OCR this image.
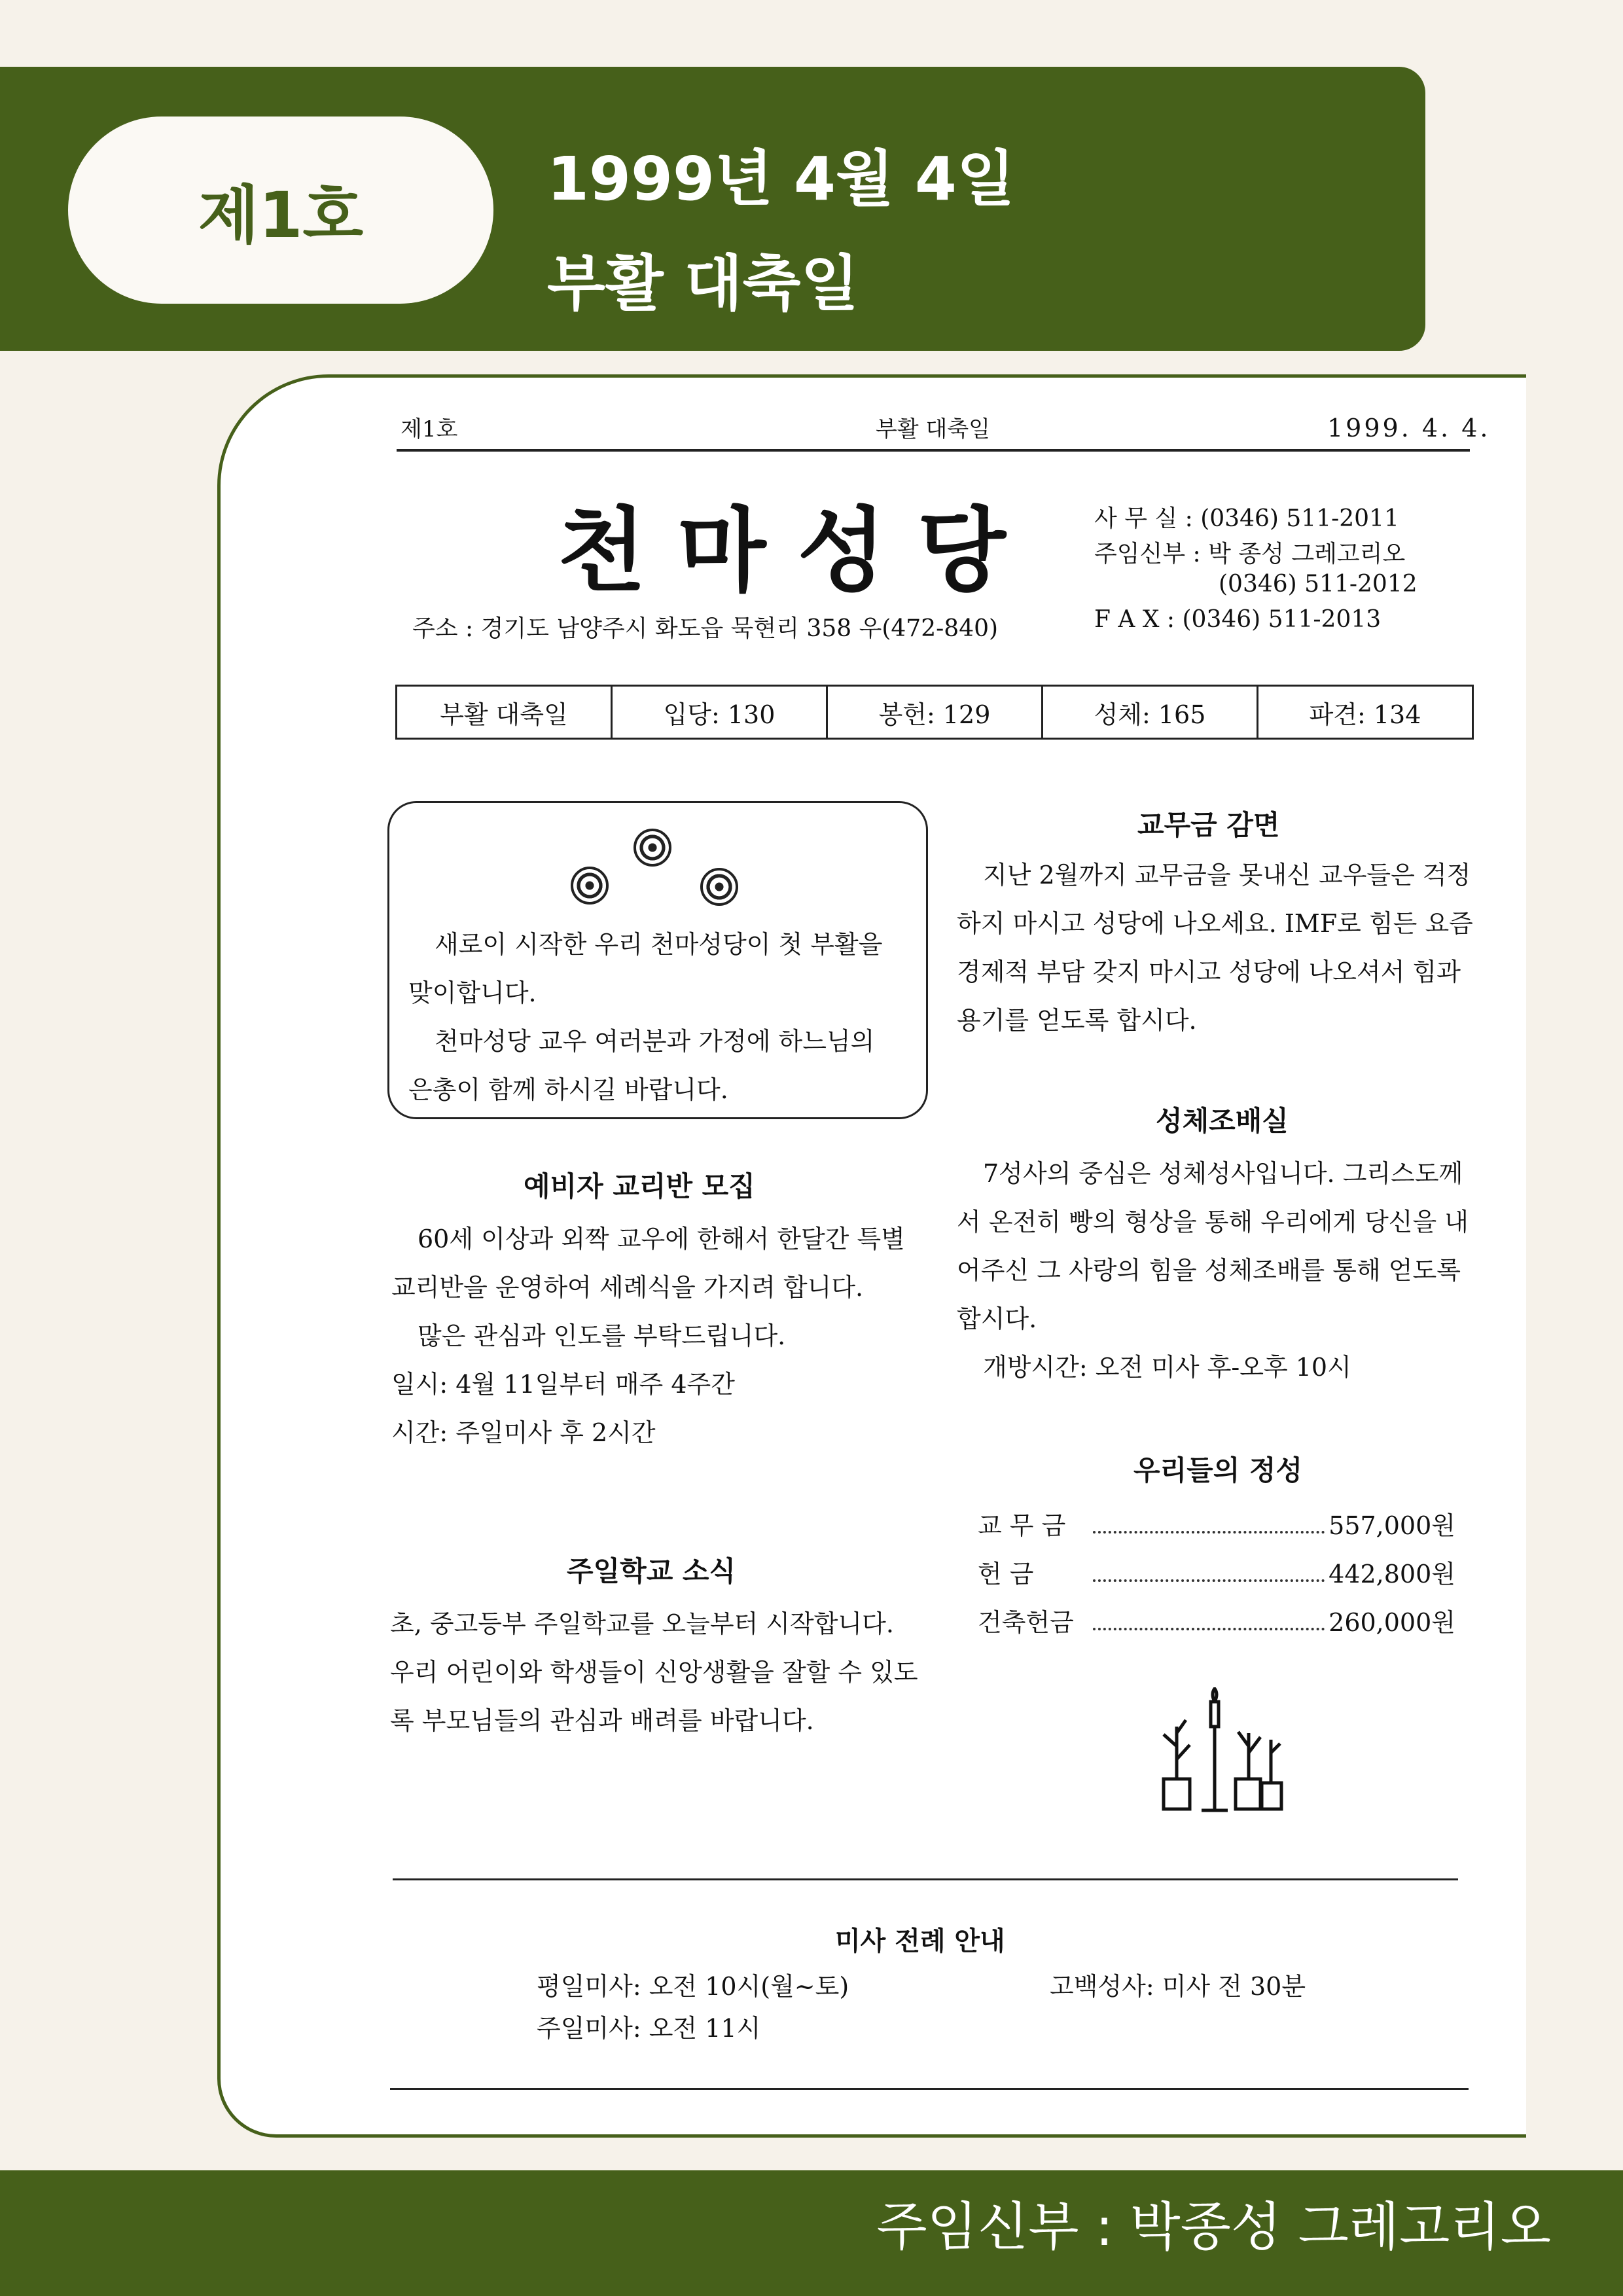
제1호	1999년 4월 4일
부활 대축일
제1호	부활 대축일	1999. 4. 4.
천마성당
주소 : 경기도 남양주시 화도읍 묵현리 358 우(472-840)
사 무 실 : (0346) 511-2011
주임신부 : 박 종성 그레고리오
(0346) 511-2012
F A X : (0346) 511-2013
부활 대축일	입당: 130	봉헌: 129	성체: 165	파견: 134

새로이 시작한 우리 천마성당이 첫 부활을 맞이합니다.

천마성당 교우 여러분과 가정에 하느님의 은총이 함께 하시길 바랍니다.

예비자 교리반 모집

60세 이상과 외짝 교우에 한해서 한달간 특별 교리반을 운영하여 세례식을 가지려 합니다.

많은 관심과 인도를 부탁드립니다.

일시: 4월 11일부터 매주 4주간

시간: 주일미사 후 2시간

주일학교 소식
초, 중고등부 주일학교를 오늘부터 시작합니다. 우리 어린이와 학생들이 신앙생활을 잘할 수 있도록 부모님들의 관심과 배려를 바랍니다.
교무금 감면
지난 2월까지 교무금을 못내신 교우들은 걱정하지 마시고 성당에 나오세요. IMF로 힘든 요즘 경제적 부담 갖지 마시고 성당에 나오셔서 힘과 용기를 얻도록 합시다.
성체조배실

7성사의 중심은 성체성사입니다. 그리스도께서 온전히 빵의 형상을 통해 우리에게 당신을 내어주신 그 사랑의 힘을 성체조배를 통해 얻도록 합시다.

개방시간: 오전 미사 후-오후 10시

우리들의 정성
교 무 금	557,000원
헌 금	442,800원
건축헌금	260,000원
미사 전례 안내
평일미사: 오전 10시(월~토)	고백성사: 미사 전 30분
주일미사: 오전 11시
주임신부 : 박종성 그레고리오
